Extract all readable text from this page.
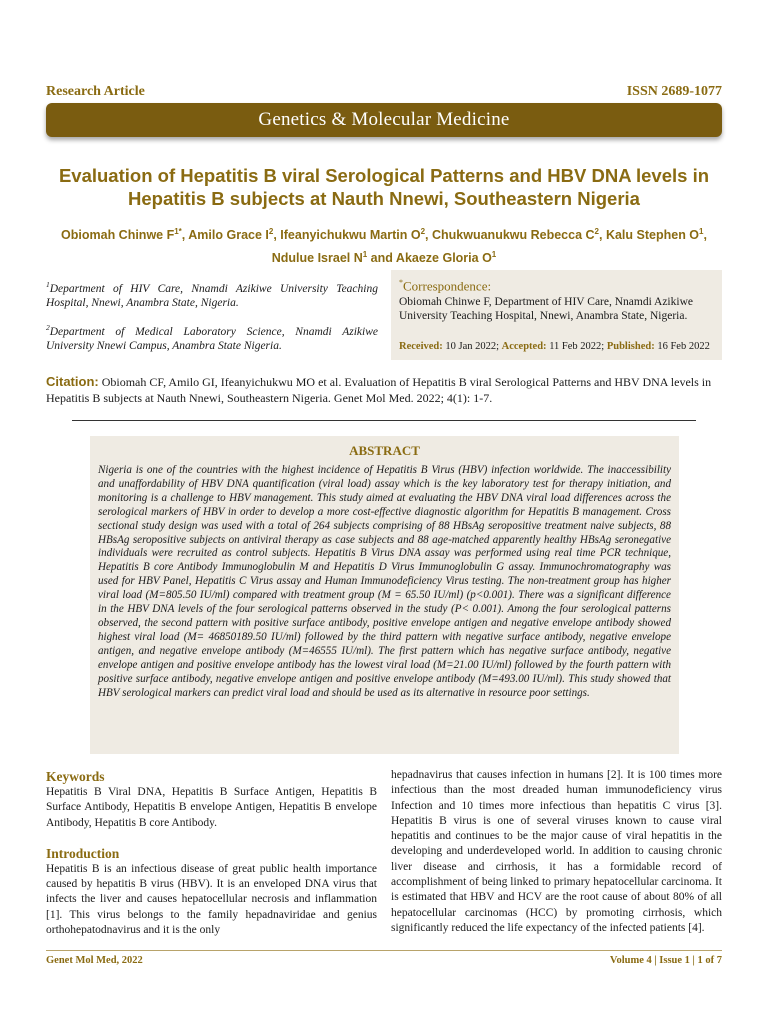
Research Article	ISSN 2689-1077
Genetics & Molecular Medicine
Evaluation of Hepatitis B viral Serological Patterns and HBV DNA levels in Hepatitis B subjects at Nauth Nnewi, Southeastern Nigeria
Obiomah Chinwe $F^{1*}$, Amilo Grace $I^2$, Ifeanyichukwu Martin $O^2$, Chukwuanukwu Rebecca $C^2$, Kalu Stephen $O^1$, Ndulue Israel $N^1$ and Akaeze Gloria $O^1$
$^1$Department of HIV Care, Nnamdi Azikiwe University Teaching Hospital, Nnewi, Anambra State, Nigeria.
$^2$Department of Medical Laboratory Science, Nnamdi Azikiwe University Nnewi Campus, Anambra State Nigeria.
*Correspondence:
Obiomah Chinwe F, Department of HIV Care, Nnamdi Azikiwe University Teaching Hospital, Nnewi, Anambra State, Nigeria.
Received: 10 Jan 2022; Accepted: 11 Feb 2022; Published: 16 Feb 2022
Citation: Obiomah CF, Amilo GI, Ifeanyichukwu MO et al. Evaluation of Hepatitis B viral Serological Patterns and HBV DNA levels in Hepatitis B subjects at Nauth Nnewi, Southeastern Nigeria. Genet Mol Med. 2022; 4(1): 1-7.
ABSTRACT
Nigeria is one of the countries with the highest incidence of Hepatitis B Virus (HBV) infection worldwide. The inaccessibility and unaffordability of HBV DNA quantification (viral load) assay which is the key laboratory test for therapy initiation, and monitoring is a challenge to HBV management. This study aimed at evaluating the HBV DNA viral load differences across the serological markers of HBV in order to develop a more cost-effective diagnostic algorithm for Hepatitis B management. Cross sectional study design was used with a total of 264 subjects comprising of 88 HBsAg seropositive treatment naive subjects, 88 HBsAg seropositive subjects on antiviral therapy as case subjects and 88 age-matched apparently healthy HBsAg seronegative individuals were recruited as control subjects. Hepatitis B Virus DNA assay was performed using real time PCR technique, Hepatitis B core Antibody Immunoglobulin M and Hepatitis D Virus Immunoglobulin G assay. Immunochromatography was used for HBV Panel, Hepatitis C Virus assay and Human Immunodeficiency Virus testing. The non-treatment group has higher viral load (M=805.50 IU/ml) compared with treatment group (M = 65.50 IU/ml) (p<0.001). There was a significant difference in the HBV DNA levels of the four serological patterns observed in the study (P< 0.001). Among the four serological patterns observed, the second pattern with positive surface antibody, positive envelope antigen and negative envelope antibody showed highest viral load (M= 46850189.50 IU/ml) followed by the third pattern with negative surface antibody, negative envelope antigen, and negative envelope antibody (M=46555 IU/ml). The first pattern which has negative surface antibody, negative envelope antigen and positive envelope antibody has the lowest viral load (M=21.00 IU/ml) followed by the fourth pattern with positive surface antibody, negative envelope antigen and positive envelope antibody (M=493.00 IU/ml). This study showed that HBV serological markers can predict viral load and should be used as its alternative in resource poor settings.
Keywords
Hepatitis B Viral DNA, Hepatitis B Surface Antigen, Hepatitis B Surface Antibody, Hepatitis B envelope Antigen, Hepatitis B envelope Antibody, Hepatitis B core Antibody.
Introduction
Hepatitis B is an infectious disease of great public health importance caused by hepatitis B virus (HBV). It is an enveloped DNA virus that infects the liver and causes hepatocellular necrosis and inflammation [1]. This virus belongs to the family hepadnaviridae and genius orthohepatodnavirus and it is the only
hepadnavirus that causes infection in humans [2]. It is 100 times more infectious than the most dreaded human immunodeficiency virus Infection and 10 times more infectious than hepatitis C virus [3]. Hepatitis B virus is one of several viruses known to cause viral hepatitis and continues to be the major cause of viral hepatitis in the developing and underdeveloped world. In addition to causing chronic liver disease and cirrhosis, it has a formidable record of accomplishment of being linked to primary hepatocellular carcinoma. It is estimated that HBV and HCV are the root cause of about 80% of all hepatocellular carcinomas (HCC) by promoting cirrhosis, which significantly reduced the life expectancy of the infected patients [4].
Genet Mol Med, 2022	Volume 4 | Issue 1 | 1 of 7
